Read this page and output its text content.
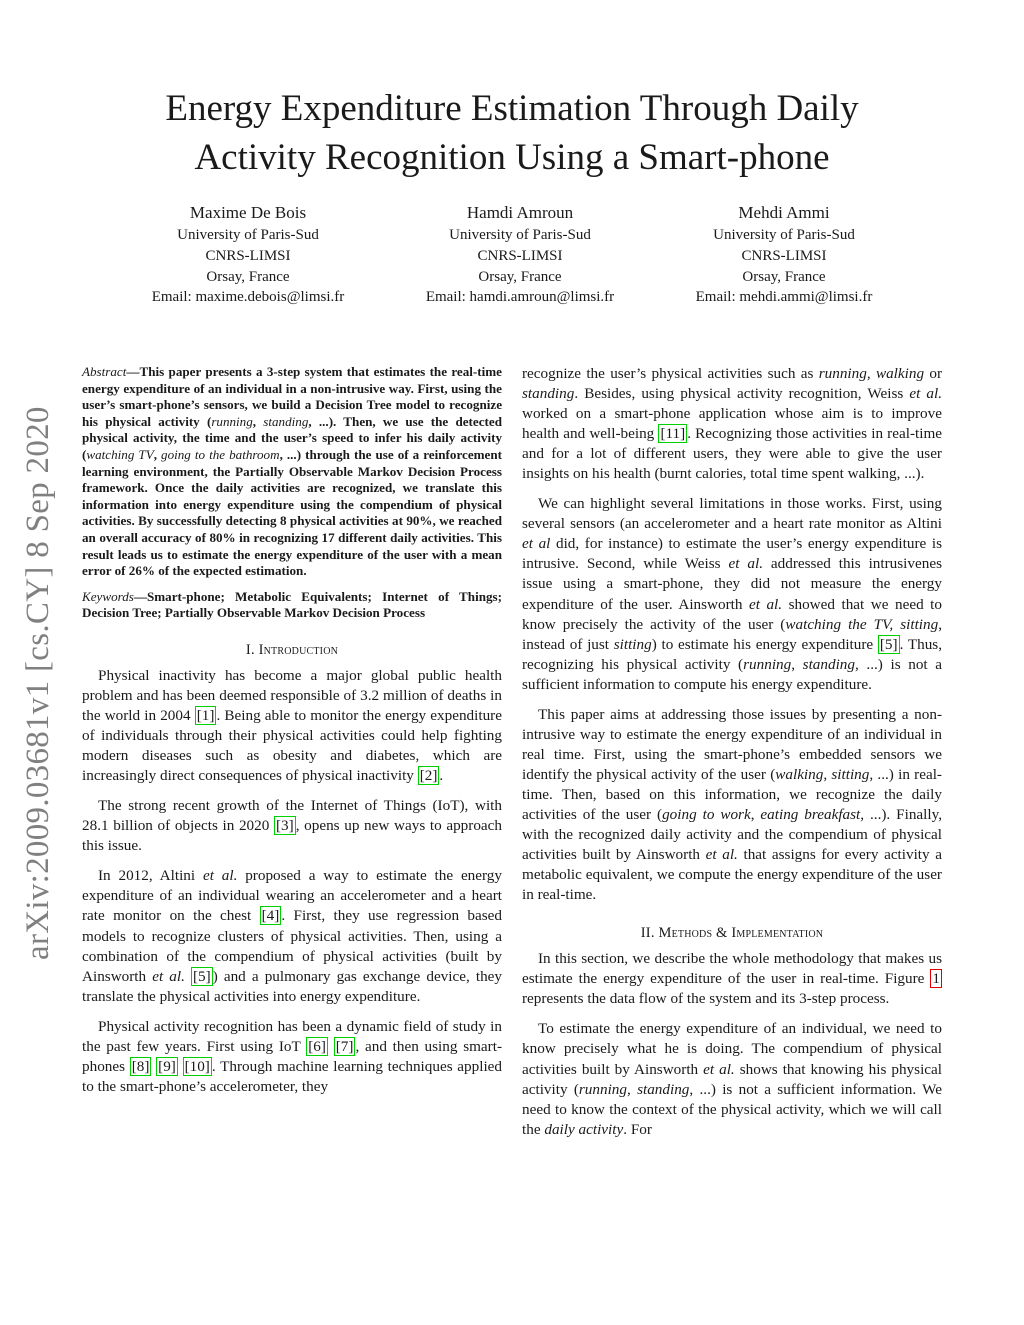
Energy Expenditure Estimation Through Daily
Activity Recognition Using a Smart-phone
Maxime De Bois
University of Paris-Sud
CNRS-LIMSI
Orsay, France
Email: maxime.debois@limsi.fr
Hamdi Amroun
University of Paris-Sud
CNRS-LIMSI
Orsay, France
Email: hamdi.amroun@limsi.fr
Mehdi Ammi
University of Paris-Sud
CNRS-LIMSI
Orsay, France
Email: mehdi.ammi@limsi.fr
arXiv:2009.03681v1 [cs.CY] 8 Sep 2020

Abstract—This paper presents a 3-step system that estimates the real-time energy expenditure of an individual in a non-intrusive way. First, using the user’s smart-phone’s sensors, we build a Decision Tree model to recognize his physical activity (running, standing, ...). Then, we use the detected physical activity, the time and the user’s speed to infer his daily activity (watching TV, going to the bathroom, ...) through the use of a reinforcement learning environment, the Partially Observable Markov Decision Process framework. Once the daily activities are recognized, we translate this information into energy expenditure using the compendium of physical activities. By successfully detecting 8 physical activities at 90%, we reached an overall accuracy of 80% in recognizing 17 different daily activities. This result leads us to estimate the energy expenditure of the user with a mean error of 26% of the expected estimation.

Keywords—Smart-phone; Metabolic Equivalents; Internet of Things; Decision Tree; Partially Observable Markov Decision Process

I. Introduction

Physical inactivity has become a major global public health problem and has been deemed responsible of 3.2 million of deaths in the world in 2004 [1] . Being able to monitor the energy expenditure of individuals through their physical activities could help fighting modern diseases such as obesity and diabetes, which are increasingly direct consequences of physical inactivity [2] .

The strong recent growth of the Internet of Things (IoT), with 28.1 billion of objects in 2020 [3] , opens up new ways to approach this issue.

In 2012, Altini et al. proposed a way to estimate the energy expenditure of an individual wearing an accelerometer and a heart rate monitor on the chest [4] . First, they use regression based models to recognize clusters of physical activities. Then, using a combination of the compendium of physical activities (built by Ainsworth et al. [5] ) and a pulmonary gas exchange device, they translate the physical activities into energy expenditure.

Physical activity recognition has been a dynamic field of study in the past few years. First using IoT [6] [7] , and then using smart-phones [8] [9] [10] . Through machine learning techniques applied to the smart-phone’s accelerometer, they

recognize the user’s physical activities such as running, walking or standing. Besides, using physical activity recognition, Weiss et al. worked on a smart-phone application whose aim is to improve health and well-being [11] . Recognizing those activities in real-time and for a lot of different users, they were able to give the user insights on his health (burnt calories, total time spent walking, ...).

We can highlight several limitations in those works. First, using several sensors (an accelerometer and a heart rate monitor as Altini et al did, for instance) to estimate the user’s energy expenditure is intrusive. Second, while Weiss et al. addressed this intrusivenes issue using a smart-phone, they did not measure the energy expenditure of the user. Ainsworth et al. showed that we need to know precisely the activity of the user (watching the TV, sitting, instead of just sitting) to estimate his energy expenditure [5] . Thus, recognizing his physical activity (running, standing, ...) is not a sufficient information to compute his energy expenditure.

This paper aims at addressing those issues by presenting a non-intrusive way to estimate the energy expenditure of an individual in real time. First, using the smart-phone’s embedded sensors we identify the physical activity of the user (walking, sitting, ...) in real-time. Then, based on this information, we recognize the daily activities of the user (going to work, eating breakfast, ...). Finally, with the recognized daily activity and the compendium of physical activities built by Ainsworth et al. that assigns for every activity a metabolic equivalent, we compute the energy expenditure of the user in real-time.

II. Methods & Implementation

In this section, we describe the whole methodology that makes us estimate the energy expenditure of the user in real-time. Figure 1 represents the data flow of the system and its 3-step process.

To estimate the energy expenditure of an individual, we need to know precisely what he is doing. The compendium of physical activities built by Ainsworth et al. shows that knowing his physical activity (running, standing, ...) is not a sufficient information. We need to know the context of the physical activity, which we will call the daily activity. For
